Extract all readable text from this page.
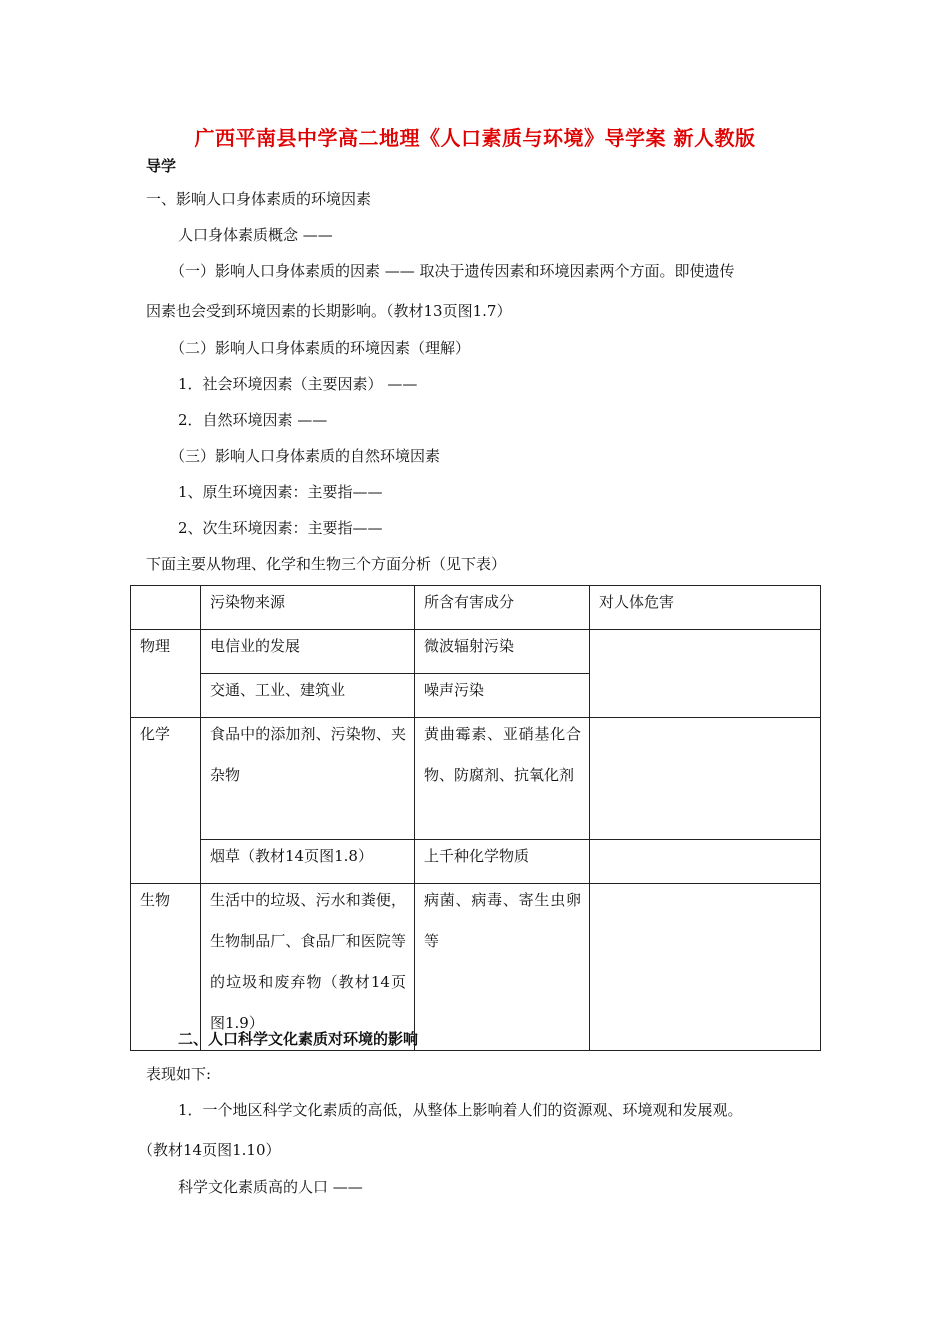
广西平南县中学高二地理《人口素质与环境》导学案 新人教版
导学
一、影响人口身体素质的环境因素
人口身体素质概念 ——
（一）影响人口身体素质的因素 —— 取决于遗传因素和环境因素两个方面。即使遗传
因素也会受到环境因素的长期影响。（教材13页图1.7）
（二）影响人口身体素质的环境因素（理解）
1．社会环境因素（主要因素） ——
2．自然环境因素 ——
（三）影响人口身体素质的自然环境因素
1、原生环境因素：主要指——
2、次生环境因素：主要指——
下面主要从物理、化学和生物三个方面分析（见下表）

	污染物来源	所含有害成分	对人体危害

物理	电信业的发展	微波辐射污染	

	交通、工业、建筑业	噪声污染	

化学	食品中的添加剂、污染物、夹杂物	黄曲霉素、亚硝基化合物、防腐剂、抗氧化剂	

	烟草（教材14页图1.8）	上千种化学物质	

生物	生活中的垃圾、污水和粪便，生物制品厂、食品厂和医院等的垃圾和废弃物（教材14页图1.9）	病菌、病毒、寄生虫卵等	

二、人口科学文化素质对环境的影响
表现如下:
1．一个地区科学文化素质的高低，从整体上影响着人们的资源观、环境观和发展观。
（教材14页图1.10）
科学文化素质高的人口 ——
